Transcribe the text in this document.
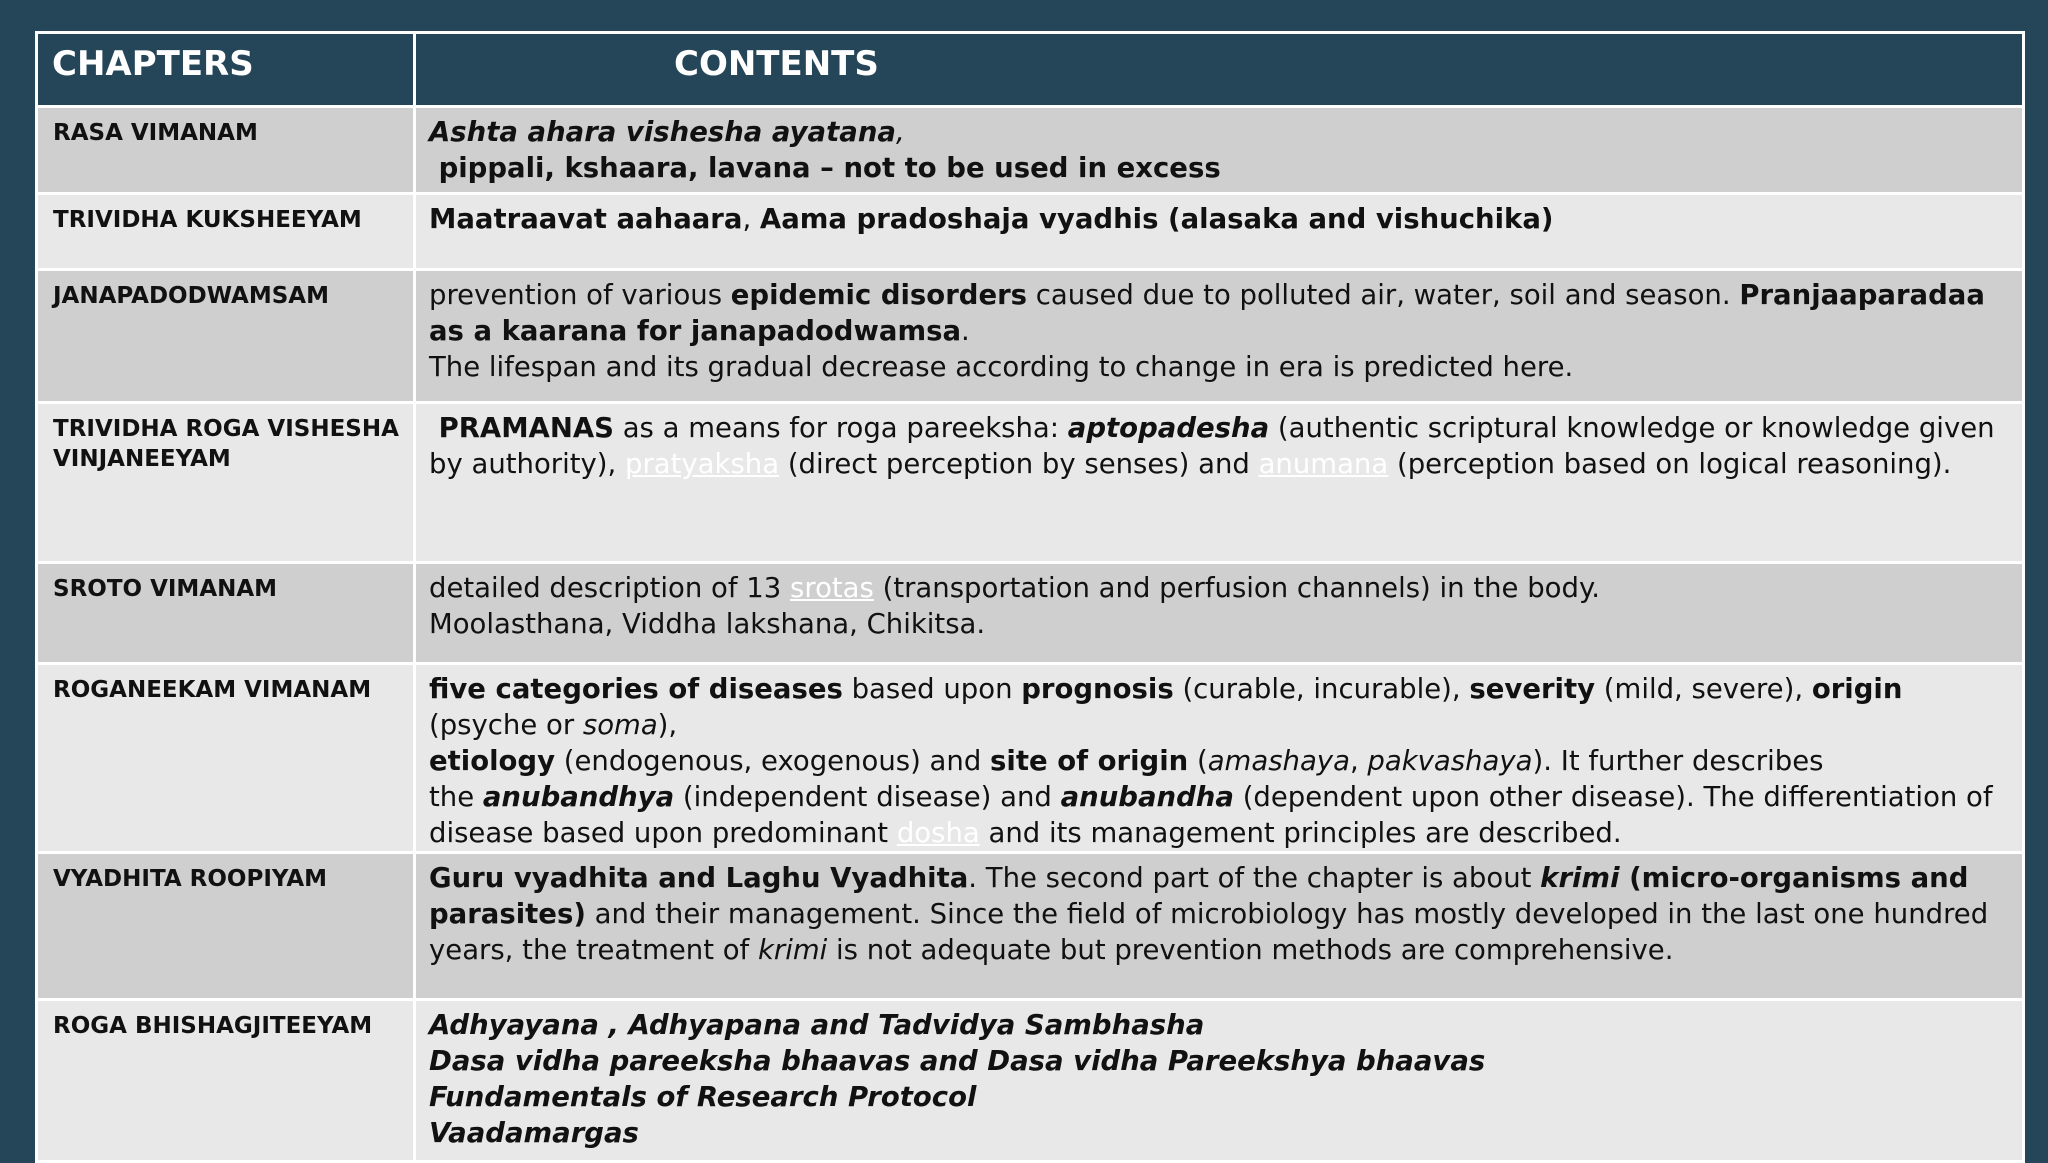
CHAPTERS	CONTENTS
RASA VIMANAM	Ashta ahara vishesha ayatana,
pippali, kshaara, lavana – not to be used in excess

TRIVIDHA KUKSHEEYAM	Maatraavat aahaara, Aama pradoshaja vyadhis (alasaka and vishuchika)
JANAPADODWAMSAM	prevention of various epidemic disorders caused due to polluted air, water, soil and season. Pranjaaparadaa as a kaarana for janapadodwamsa.
The lifespan and its gradual decrease according to change in era is predicted here.

TRIVIDHA ROGA VISHESHA VINJANEEYAM	PRAMANAS as a means for roga pareeksha: aptopadesha (authentic scriptural knowledge or knowledge given by authority), pratyaksha (direct perception by senses) and anumana (perception based on logical reasoning).
SROTO VIMANAM	detailed description of 13 srotas (transportation and perfusion channels) in the body.
Moolasthana, Viddha lakshana, Chikitsa.

ROGANEEKAM VIMANAM	five categories of diseases based upon prognosis (curable, incurable), severity (mild, severe), origin (psyche or soma),
etiology (endogenous, exogenous) and site of origin (amashaya, pakvashaya). It further describes
the anubandhya (independent disease) and anubandha (dependent upon other disease). The differentiation of disease based upon predominant dosha and its management principles are described.

VYADHITA ROOPIYAM	Guru vyadhita and Laghu Vyadhita. The second part of the chapter is about krimi (micro-organisms and parasites) and their management. Since the field of microbiology has mostly developed in the last one hundred years, the treatment of krimi is not adequate but prevention methods are comprehensive.
ROGA BHISHAGJITEEYAM	Adhyayana , Adhyapana and Tadvidya Sambhasha
Dasa vidha pareeksha bhaavas and Dasa vidha Pareekshya bhaavas
Fundamentals of Research Protocol
Vaadamargas
